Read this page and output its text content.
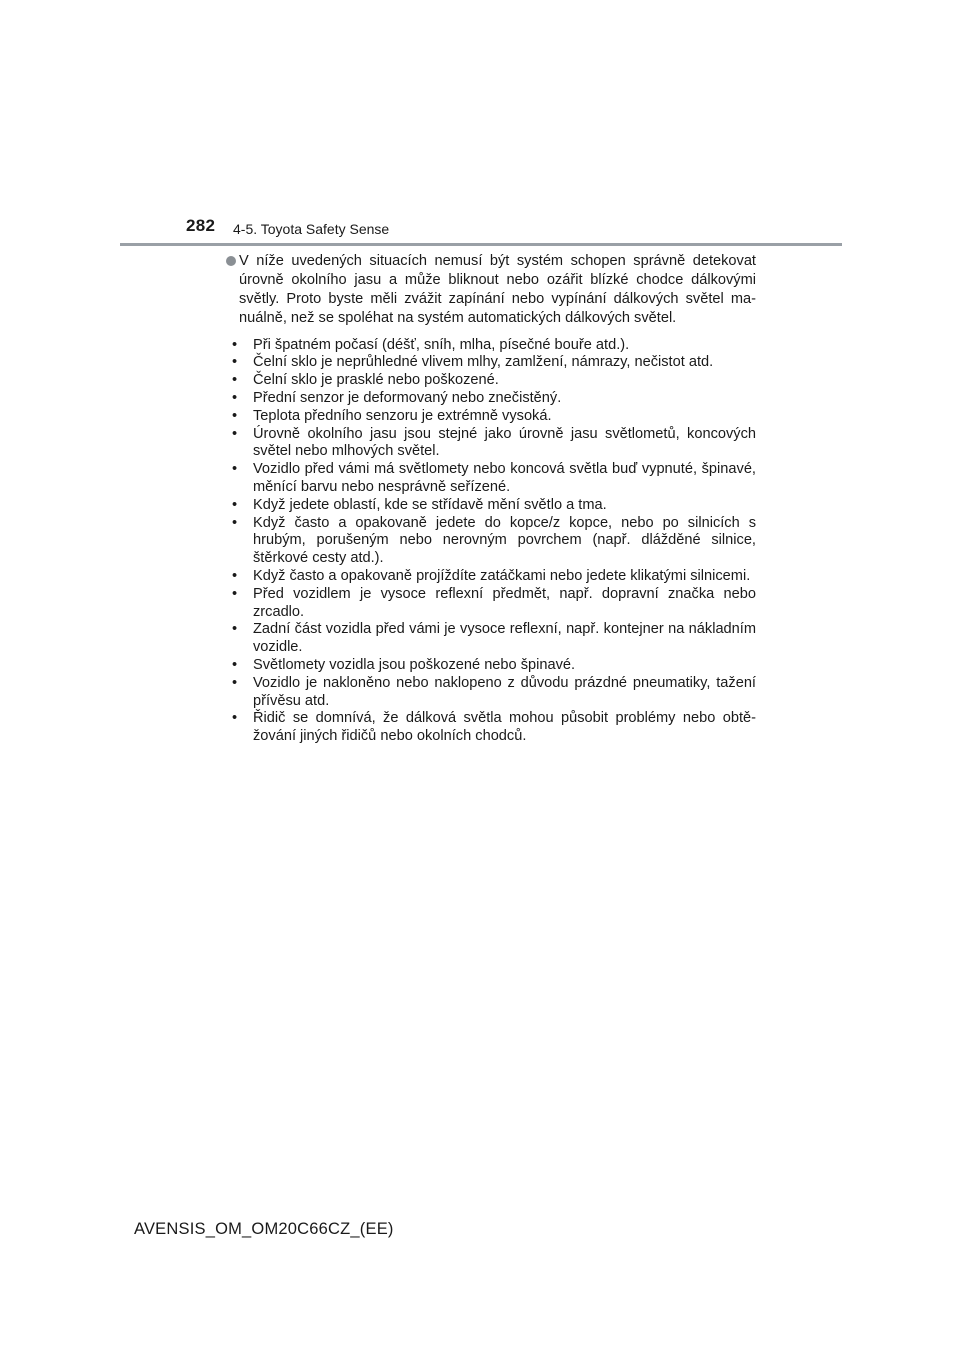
282 4-5. Toyota Safety Sense
V níže uvedených situacích nemusí být systém schopen správně detekovat úrovně okolního jasu a může bliknout nebo ozářit blízké chodce dálkovými světly. Proto byste měli zvážit zapínání nebo vypínání dálkových světel manuálně, než se spoléhat na systém automatických dálkových světel.
• Při špatném počasí (déšť, sníh, mlha, písečné bouře atd.).
• Čelní sklo je neprůhledné vlivem mlhy, zamlžení, námrazy, nečistot atd.
• Čelní sklo je prasklé nebo poškozené.
• Přední senzor je deformovaný nebo znečistěný.
• Teplota předního senzoru je extrémně vysoká.
• Úrovně okolního jasu jsou stejné jako úrovně jasu světlometů, koncových světel nebo mlhových světel.
• Vozidlo před vámi má světlomety nebo koncová světla buď vypnuté, špinavé, měnící barvu nebo nesprávně seřízené.
• Když jedete oblastí, kde se střídavě mění světlo a tma.
• Když často a opakovaně jedete do kopce/z kopce, nebo po silnicích s hrubým, porušeným nebo nerovným povrchem (např. dlážděné silnice, štěrkové cesty atd.).
• Když často a opakovaně projíždíte zatáčkami nebo jedete klikatými silnicemi.
• Před vozidlem je vysoce reflexní předmět, např. dopravní značka nebo zrcadlo.
• Zadní část vozidla před vámi je vysoce reflexní, např. kontejner na nákladním vozidle.
• Světlomety vozidla jsou poškozené nebo špinavé.
• Vozidlo je nakloněno nebo naklopeno z důvodu prázdné pneumatiky, tažení přívěsu atd.
• Řidič se domnívá, že dálková světla mohou působit problémy nebo obtěžování jiných řidičů nebo okolních chodců.
AVENSIS_OM_OM20C66CZ_(EE)
